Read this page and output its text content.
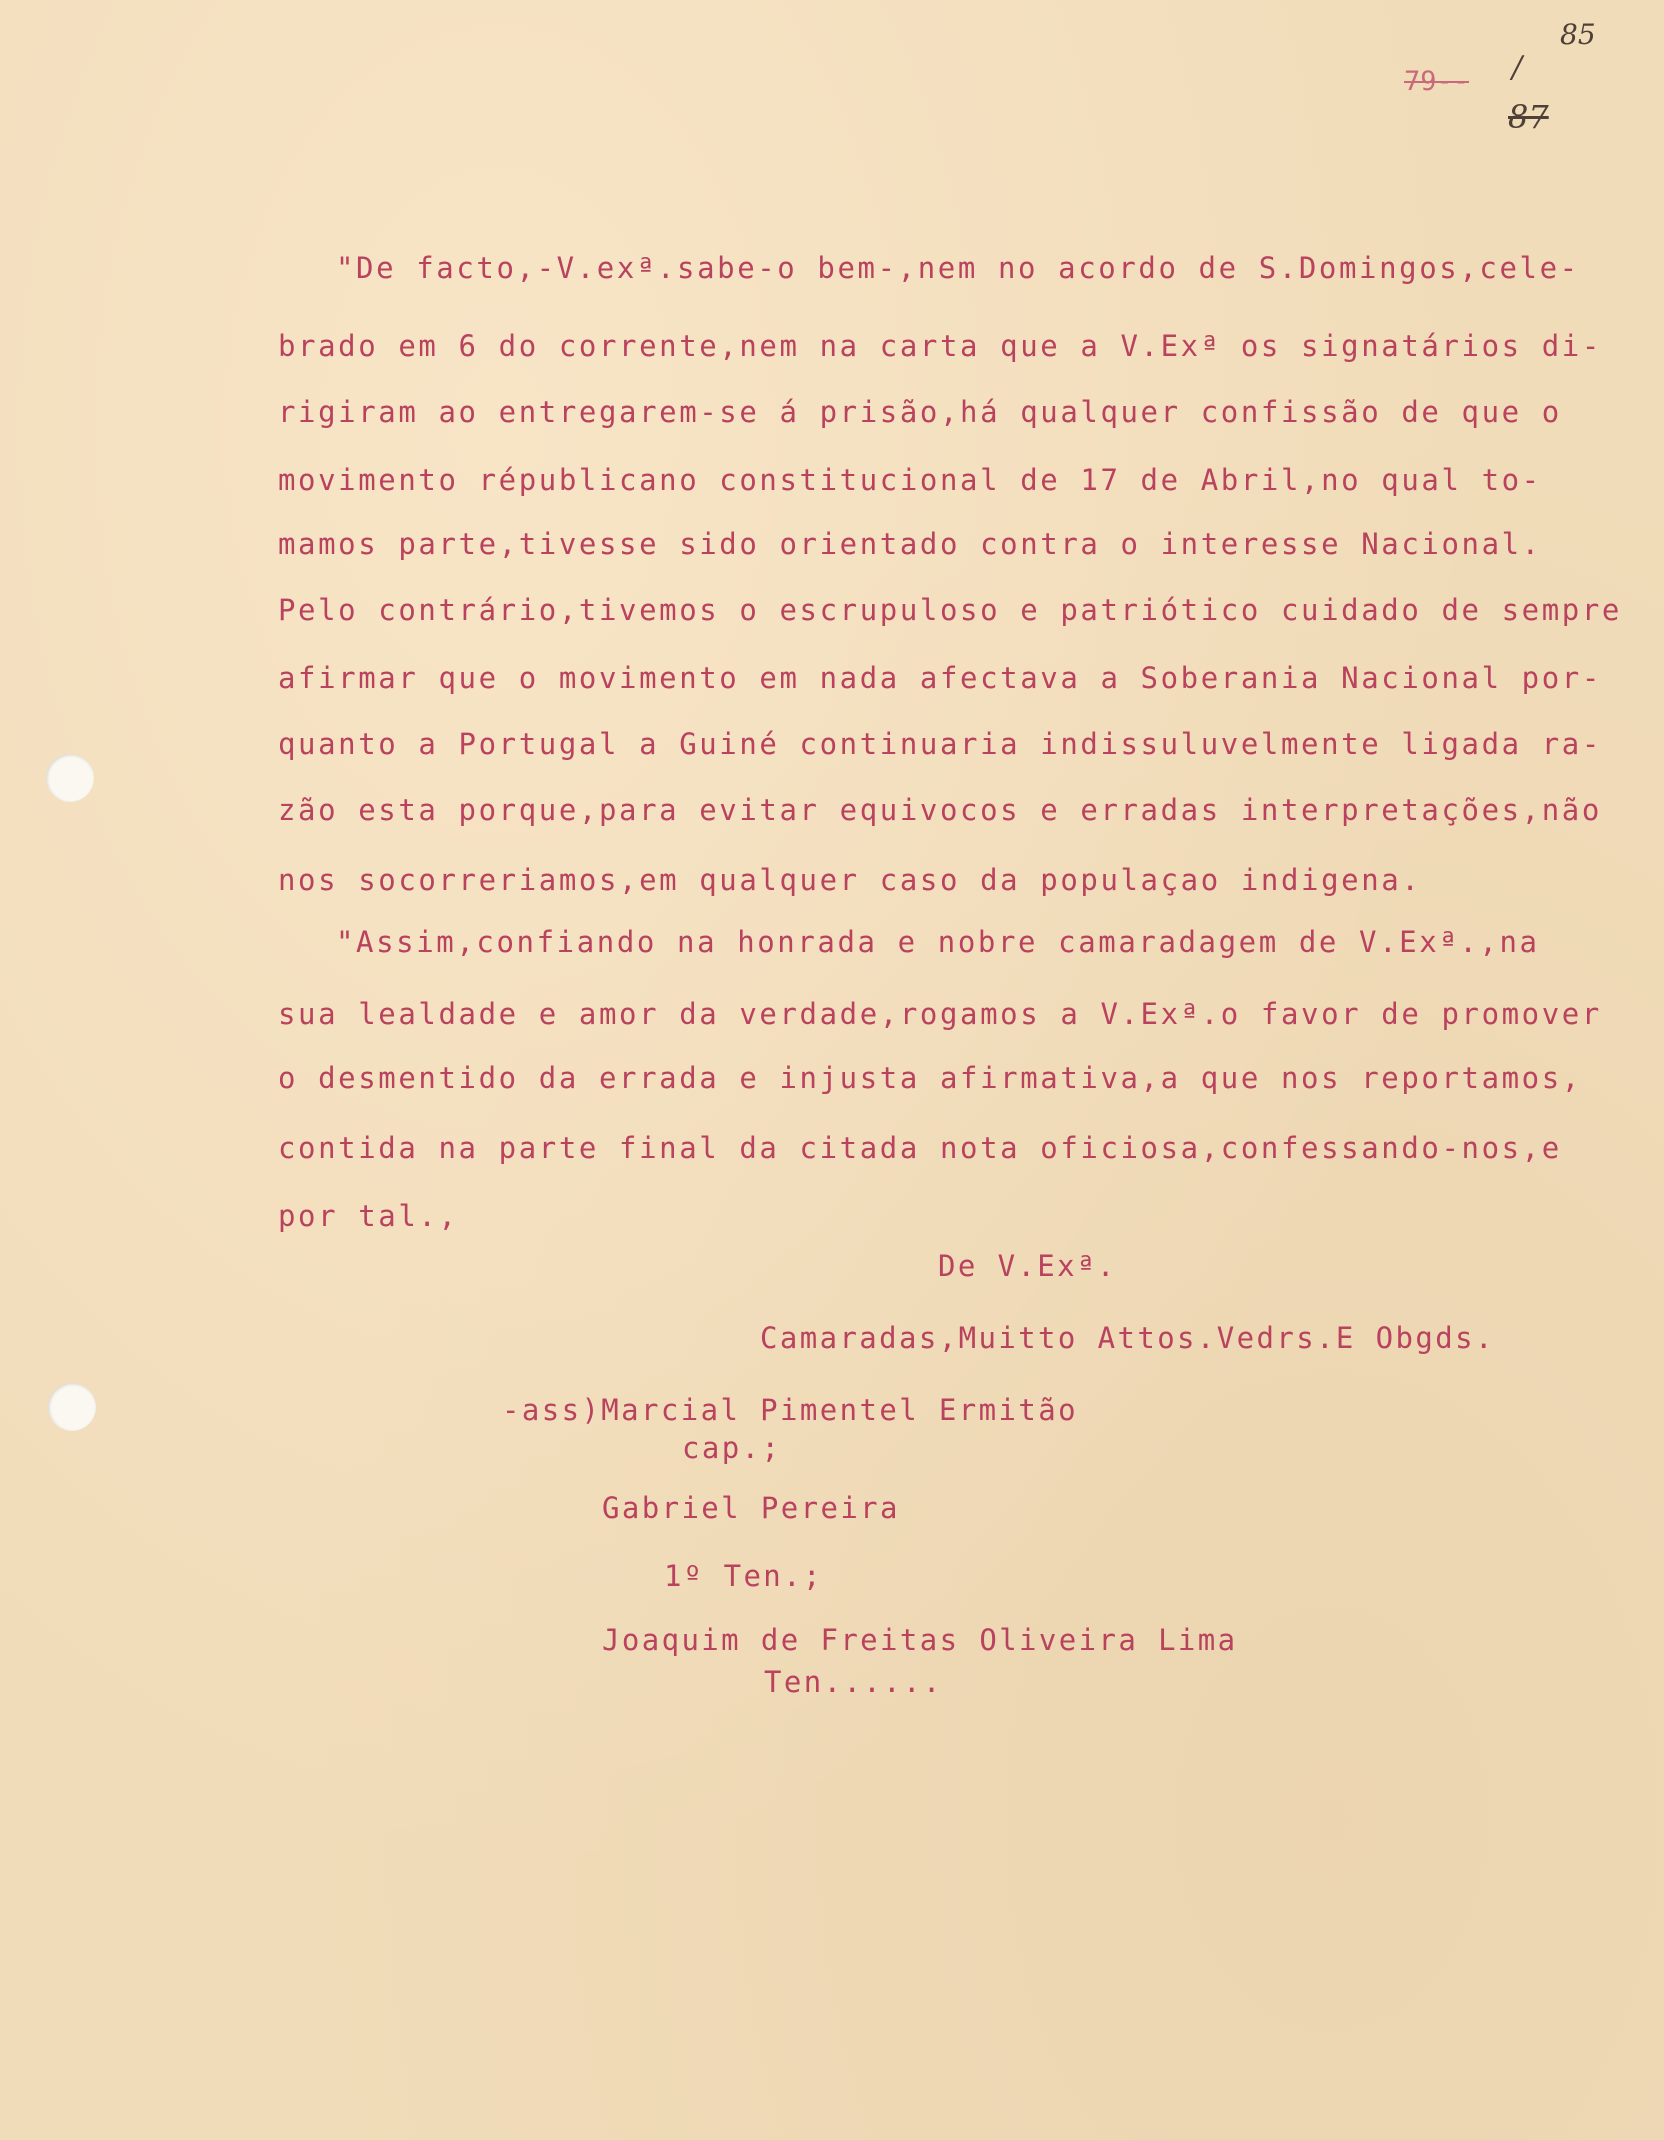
79--
85
/
87
"De facto,-V.exª.sabe-o bem-,nem no acordo de S.Domingos,cele-
brado em 6 do corrente,nem na carta que a V.Exª os signatários di-
rigiram ao entregarem-se á prisão,há qualquer confissão de que o
movimento républicano constitucional de 17 de Abril,no qual to-
mamos parte,tivesse sido orientado contra o interesse Nacional.
Pelo contrário,tivemos o escrupuloso e patriótico cuidado de sempre
afirmar que o movimento em nada afectava a Soberania Nacional por-
quanto a Portugal a Guiné continuaria indissuluvelmente ligada ra-
zão esta porque,para evitar equivocos e erradas interpretações,não
nos socorreriamos,em qualquer caso da populaçao indigena.
"Assim,confiando na honrada e nobre camaradagem de V.Exª.,na
sua lealdade e amor da verdade,rogamos a V.Exª.o favor de promover
o desmentido da errada e injusta afirmativa,a que nos reportamos,
contida na parte final da citada nota oficiosa,confessando-nos,e
por tal.,
De V.Exª.
Camaradas,Muitto Attos.Vedrs.E Obgds.
-ass)Marcial Pimentel Ermitão
cap.;
Gabriel Pereira
1º Ten.;
Joaquim de Freitas Oliveira Lima
Ten......
